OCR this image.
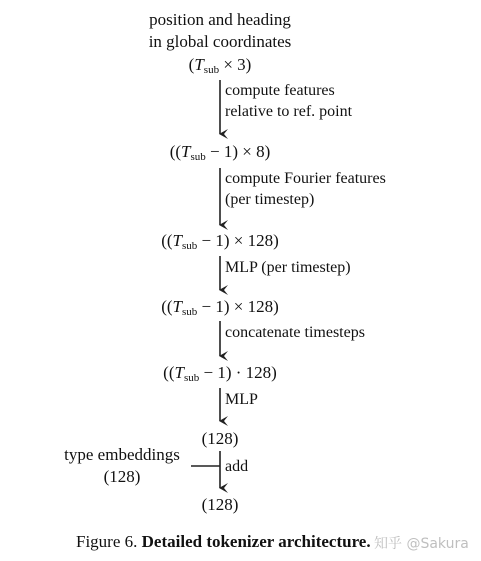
position and heading
in global coordinates
$(T_{sub} \times 3)$
compute features
relative to ref. point
$((T_{sub} - 1) \times 8)$
compute Fourier features
(per timestep)
$((T_{sub} - 1) \times 128)$
MLP (per timestep)
$((T_{sub} - 1) \times 128)$
concatenate timesteps
$((T_{sub} - 1) \cdot 128)$
MLP
(128)
type embeddings
(128)
add
(128)
Figure 6. Detailed tokenizer architecture. 知乎 @Sakura
